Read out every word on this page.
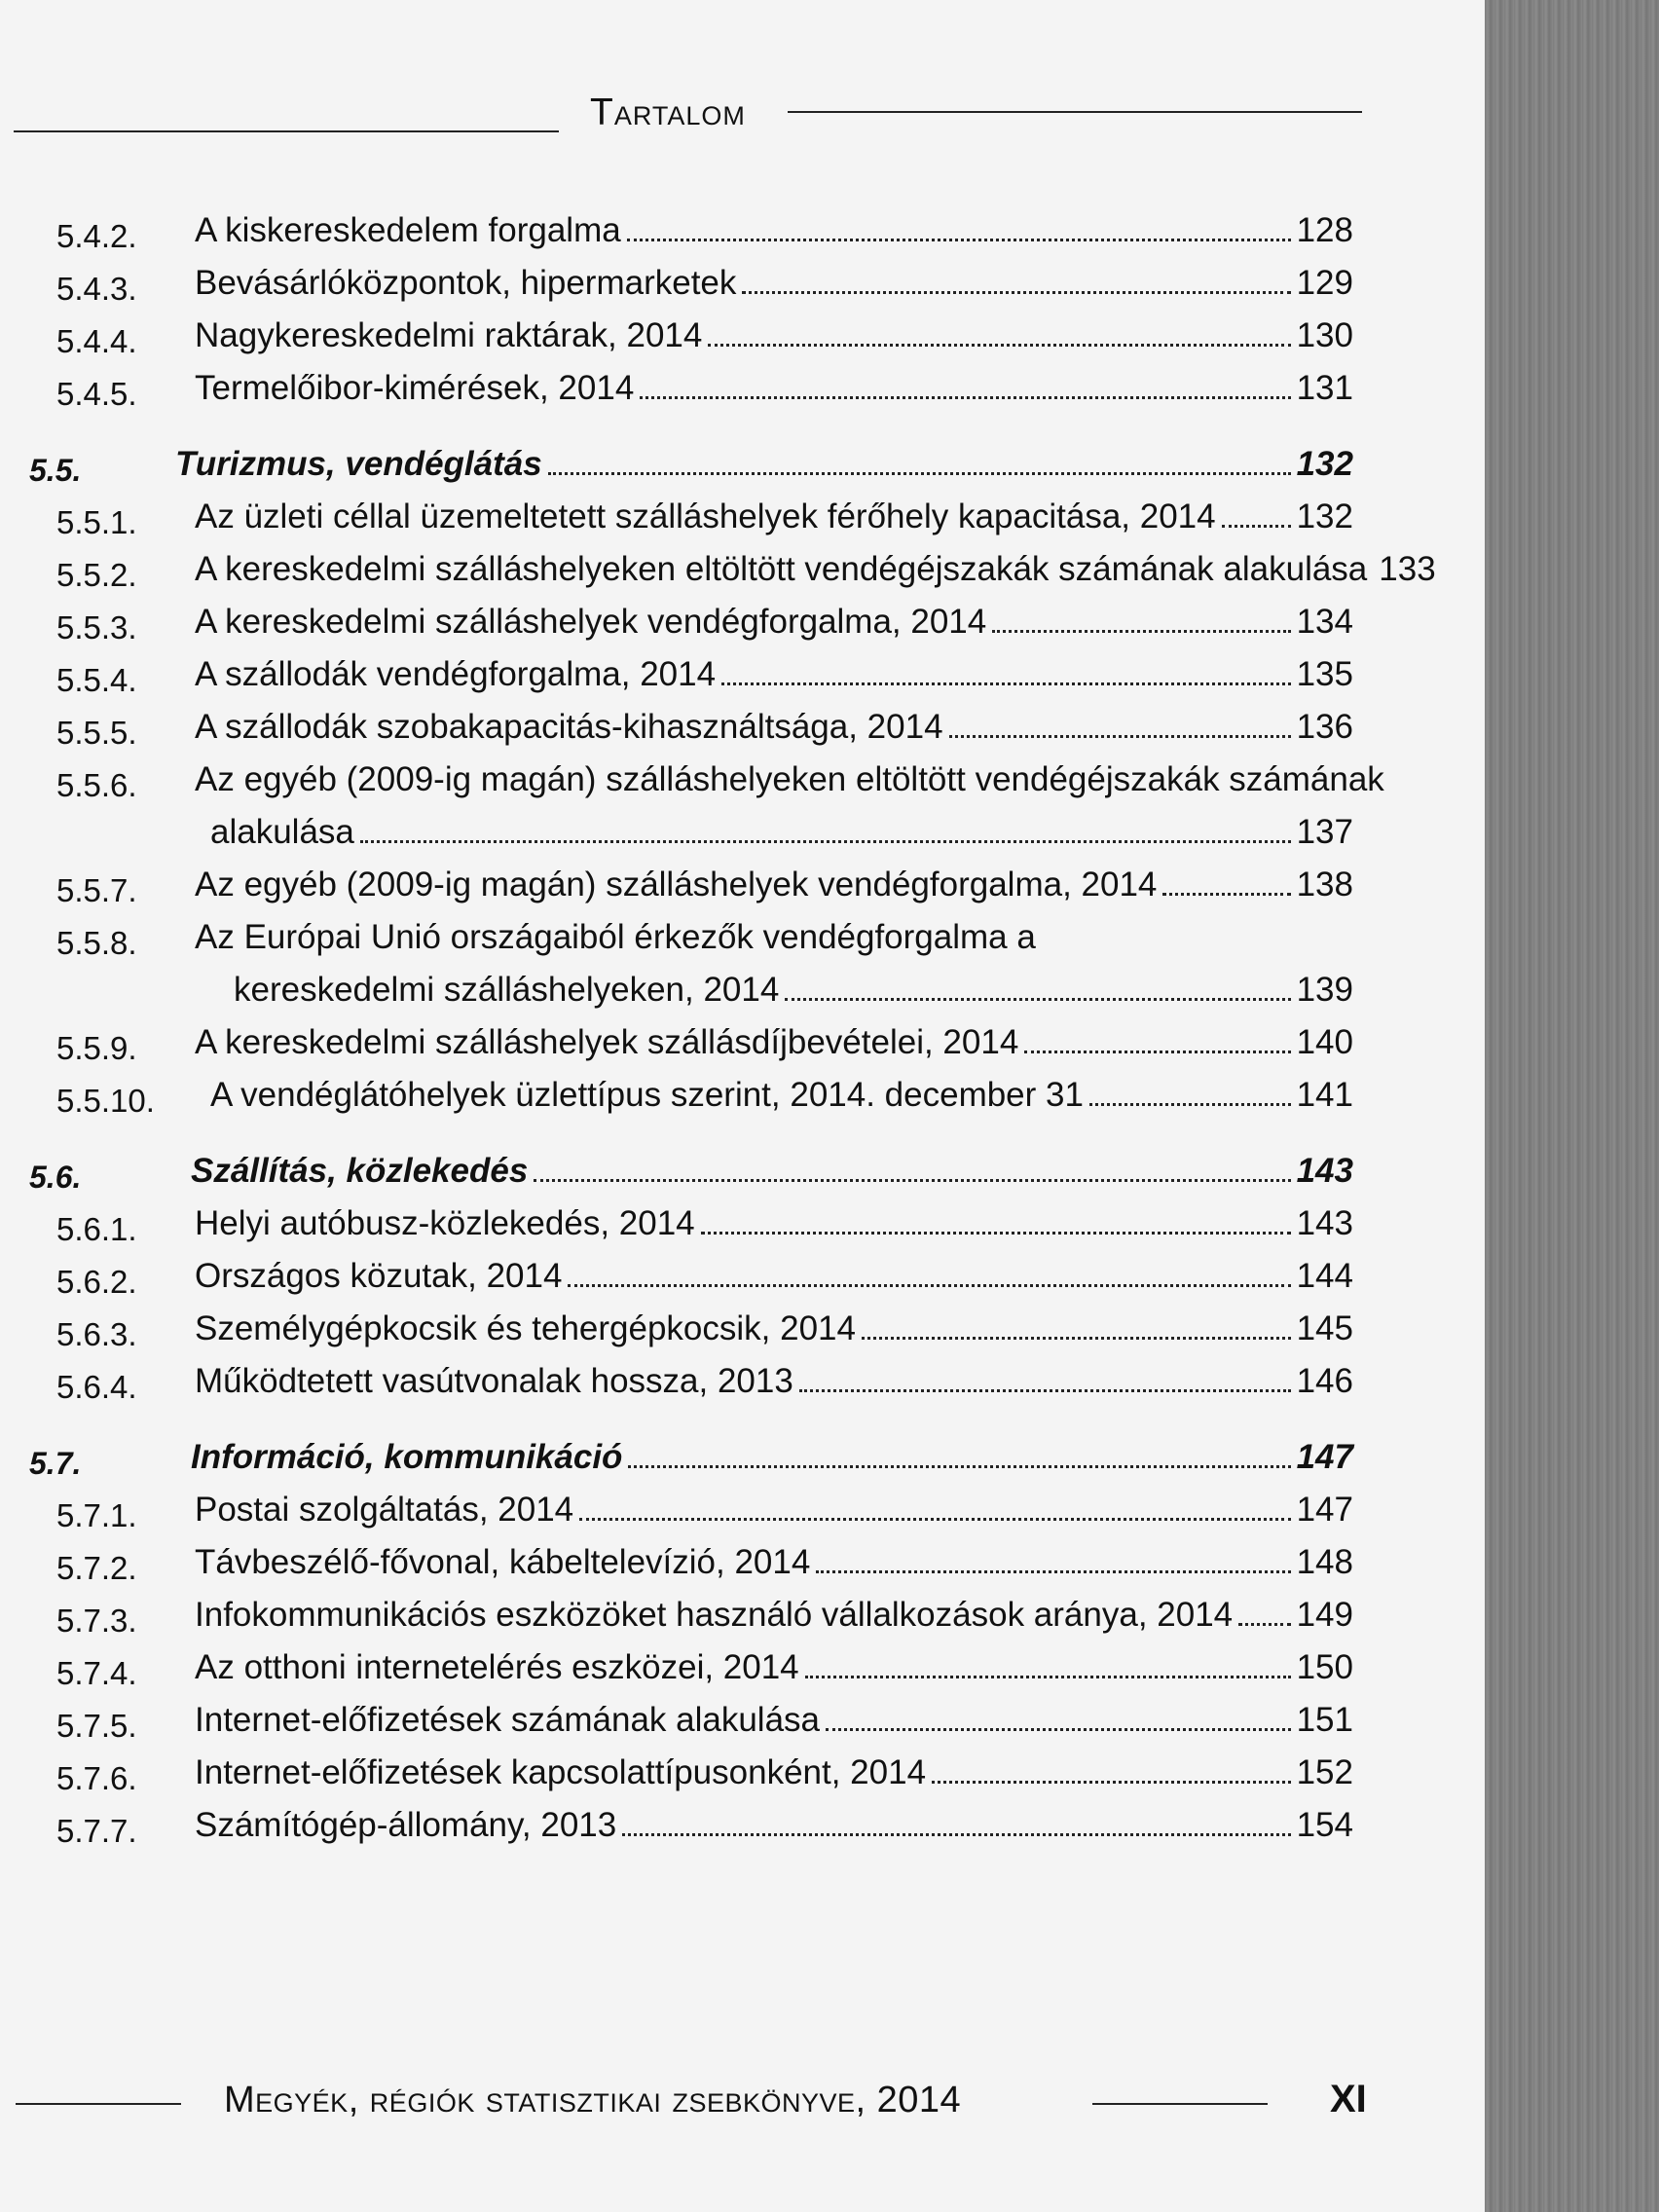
Tartalom
5.4.2. A kiskereskedelem forgalma	128
5.4.3. Bevásárlóközpontok, hipermarketek	129
5.4.4. Nagykereskedelmi raktárak, 2014	130
5.4.5. Termelőibor-kimérések, 2014	131
5.5.	Turizmus, vendéglátás	132
5.5.1. Az üzleti céllal üzemeltetett szálláshelyek férőhely kapacitása, 2014 132
5.5.2. A kereskedelmi szálláshelyeken eltöltött vendégéjszakák számának alakulása 133
5.5.3. A kereskedelmi szálláshelyek vendégforgalma, 2014	134
5.5.4. A szállodák vendégforgalma, 2014	135
5.5.5. A szállodák szobakapacitás-kihasználtsága, 2014	136
5.5.6. Az egyéb (2009-ig magán) szálláshelyeken eltöltött vendégéjszakák számának
alakulása	137
5.5.7. Az egyéb (2009-ig magán) szálláshelyek vendégforgalma, 2014	138
5.5.8. Az Európai Unió országaiból érkezők vendégforgalma a
kereskedelmi szálláshelyeken, 2014	139
5.5.9. A kereskedelmi szálláshelyek szállásdíjbevételei, 2014	140
5.5.10. A vendéglátóhelyek üzlettípus szerint, 2014. december 31	141
5.6.	Szállítás, közlekedés	143
5.6.1. Helyi autóbusz-közlekedés, 2014	143
5.6.2. Országos közutak, 2014	144
5.6.3. Személygépkocsik és tehergépkocsik, 2014	145
5.6.4. Működtetett vasútvonalak hossza, 2013	146
5.7.	Információ, kommunikáció	147
5.7.1. Postai szolgáltatás, 2014	147
5.7.2. Távbeszélő-fővonal, kábeltelevízió, 2014	148
5.7.3. Infokommunikációs eszközöket használó vállalkozások aránya, 2014 149
5.7.4. Az otthoni internetelérés eszközei, 2014	150
5.7.5. Internet-előfizetések számának alakulása	151
5.7.6. Internet-előfizetések kapcsolattípusonként, 2014	152
5.7.7. Számítógép-állomány, 2013	154
Megyék, régiók statisztikai zsebkönyve, 2014	XI
